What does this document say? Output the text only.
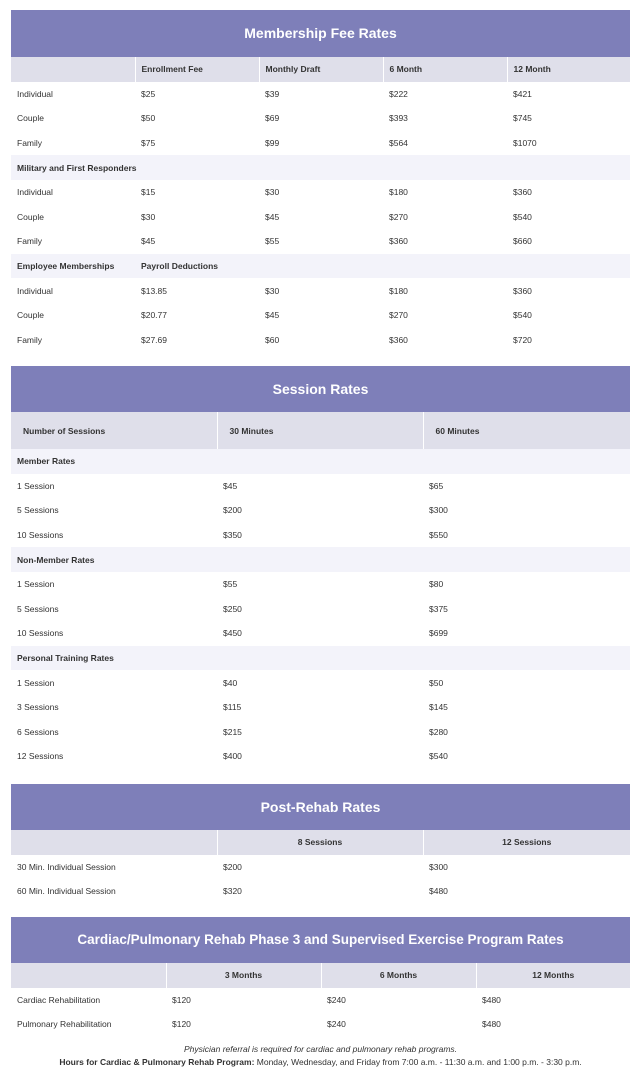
Membership Fee Rates
	Enrollment Fee	Monthly Draft	6 Month	12 Month
Individual	$25	$39	$222	$421
Couple	$50	$69	$393	$745
Family	$75	$99	$564	$1070
Military and First Responders				
Individual	$15	$30	$180	$360
Couple	$30	$45	$270	$540
Family	$45	$55	$360	$660
Employee Memberships	Payroll Deductions			
Individual	$13.85	$30	$180	$360
Couple	$20.77	$45	$270	$540
Family	$27.69	$60	$360	$720
Session Rates
Number of Sessions	30 Minutes	60 Minutes
Member Rates		
1 Session	$45	$65
5 Sessions	$200	$300
10 Sessions	$350	$550
Non-Member Rates		
1 Session	$55	$80
5 Sessions	$250	$375
10 Sessions	$450	$699
Personal Training Rates		
1 Session	$40	$50
3 Sessions	$115	$145
6 Sessions	$215	$280
12 Sessions	$400	$540
Post-Rehab Rates
	8 Sessions	12 Sessions
30 Min. Individual Session	$200	$300
60 Min. Individual Session	$320	$480
Cardiac/Pulmonary Rehab Phase 3 and Supervised Exercise Program Rates
	3 Months	6 Months	12 Months
Cardiac Rehabilitation	$120	$240	$480
Pulmonary Rehabilitation	$120	$240	$480
Physician referral is required for cardiac and pulmonary rehab programs.
Hours for Cardiac & Pulmonary Rehab Program: Monday, Wednesday, and Friday from 7:00 a.m. - 11:30 a.m. and 1:00 p.m. - 3:30 p.m.
